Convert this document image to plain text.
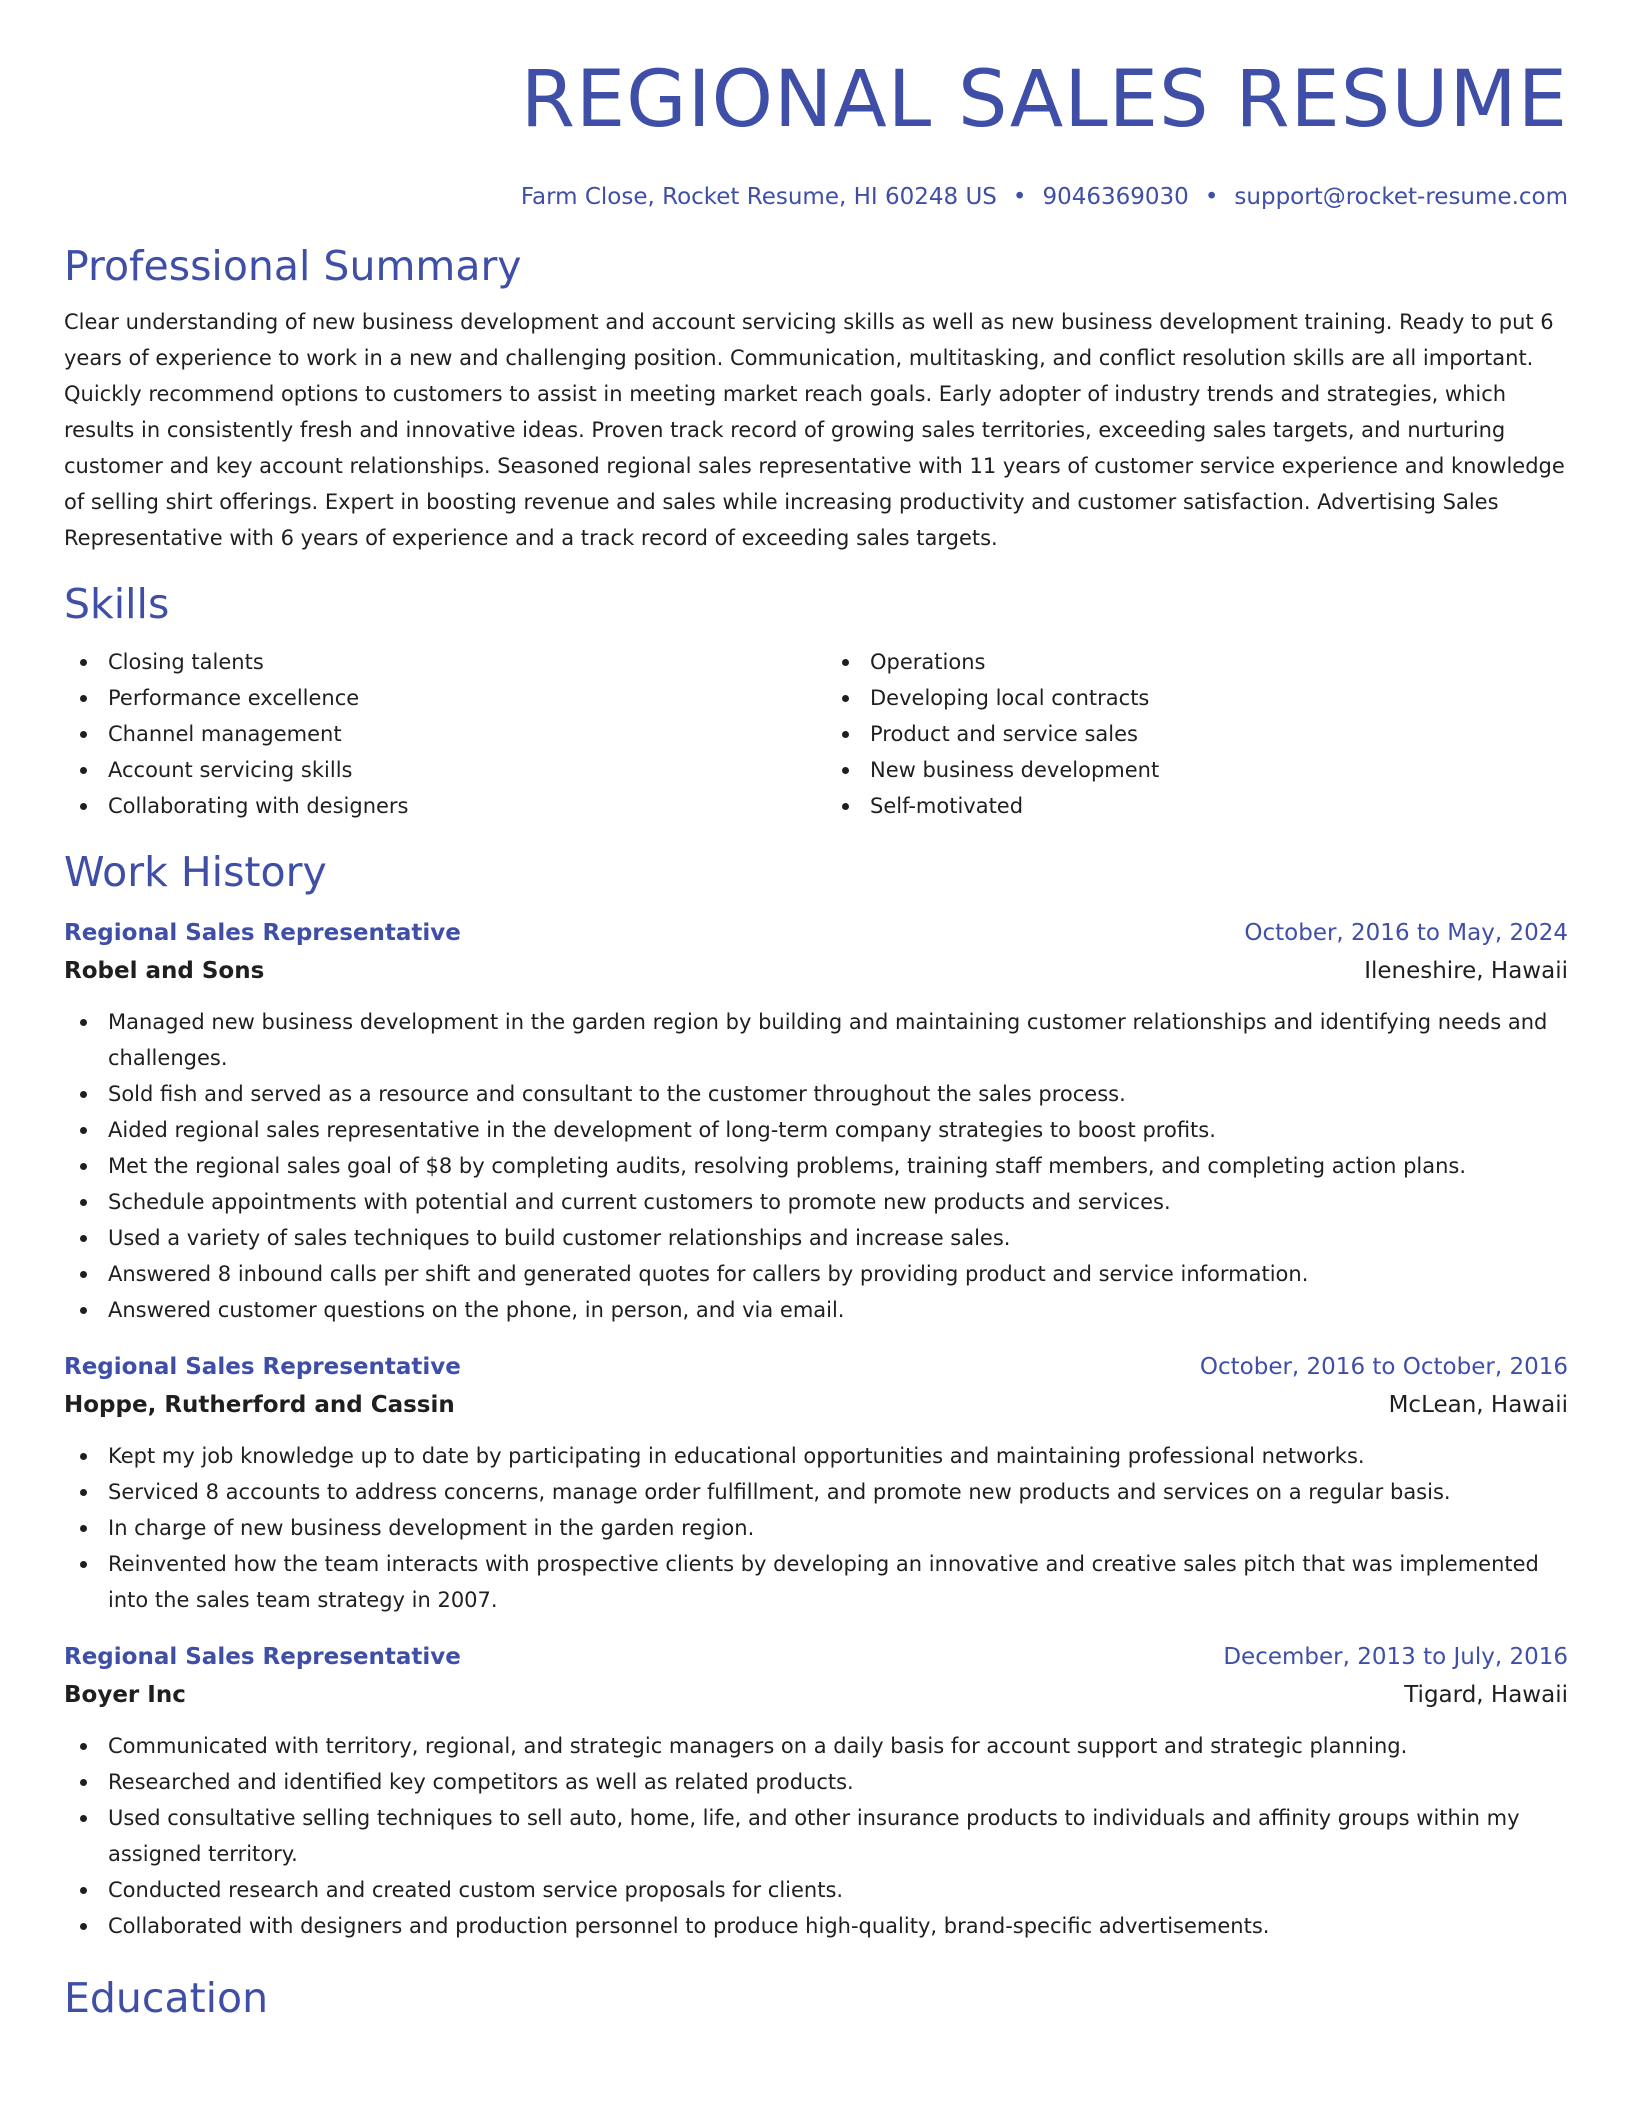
REGIONAL SALES RESUME
Farm Close, Rocket Resume, HI 60248 US • 9046369030 • support@rocket-resume.com
Professional Summary
Clear understanding of new business development and account servicing skills as well as new business development training. Ready to put 6 years of experience to work in a new and challenging position. Communication, multitasking, and conflict resolution skills are all important. Quickly recommend options to customers to assist in meeting market reach goals. Early adopter of industry trends and strategies, which results in consistently fresh and innovative ideas. Proven track record of growing sales territories, exceeding sales targets, and nurturing customer and key account relationships. Seasoned regional sales representative with 11 years of customer service experience and knowledge of selling shirt offerings. Expert in boosting revenue and sales while increasing productivity and customer satisfaction. Advertising Sales Representative with 6 years of experience and a track record of exceeding sales targets.
Skills
Closing talents
Performance excellence
Channel management
Account servicing skills
Collaborating with designers
Operations
Developing local contracts
Product and service sales
New business development
Self-motivated
Work History
Regional Sales Representative	October, 2016 to May, 2024
Robel and Sons	Ileneshire, Hawaii
Managed new business development in the garden region by building and maintaining customer relationships and identifying needs and challenges.
Sold fish and served as a resource and consultant to the customer throughout the sales process.
Aided regional sales representative in the development of long-term company strategies to boost profits.
Met the regional sales goal of $8 by completing audits, resolving problems, training staff members, and completing action plans.
Schedule appointments with potential and current customers to promote new products and services.
Used a variety of sales techniques to build customer relationships and increase sales.
Answered 8 inbound calls per shift and generated quotes for callers by providing product and service information.
Answered customer questions on the phone, in person, and via email.
Regional Sales Representative	October, 2016 to October, 2016
Hoppe, Rutherford and Cassin	McLean, Hawaii
Kept my job knowledge up to date by participating in educational opportunities and maintaining professional networks.
Serviced 8 accounts to address concerns, manage order fulfillment, and promote new products and services on a regular basis.
In charge of new business development in the garden region.
Reinvented how the team interacts with prospective clients by developing an innovative and creative sales pitch that was implemented into the sales team strategy in 2007.
Regional Sales Representative	December, 2013 to July, 2016
Boyer Inc	Tigard, Hawaii
Communicated with territory, regional, and strategic managers on a daily basis for account support and strategic planning.
Researched and identified key competitors as well as related products.
Used consultative selling techniques to sell auto, home, life, and other insurance products to individuals and affinity groups within my assigned territory.
Conducted research and created custom service proposals for clients.
Collaborated with designers and production personnel to produce high-quality, brand-specific advertisements.
Education
